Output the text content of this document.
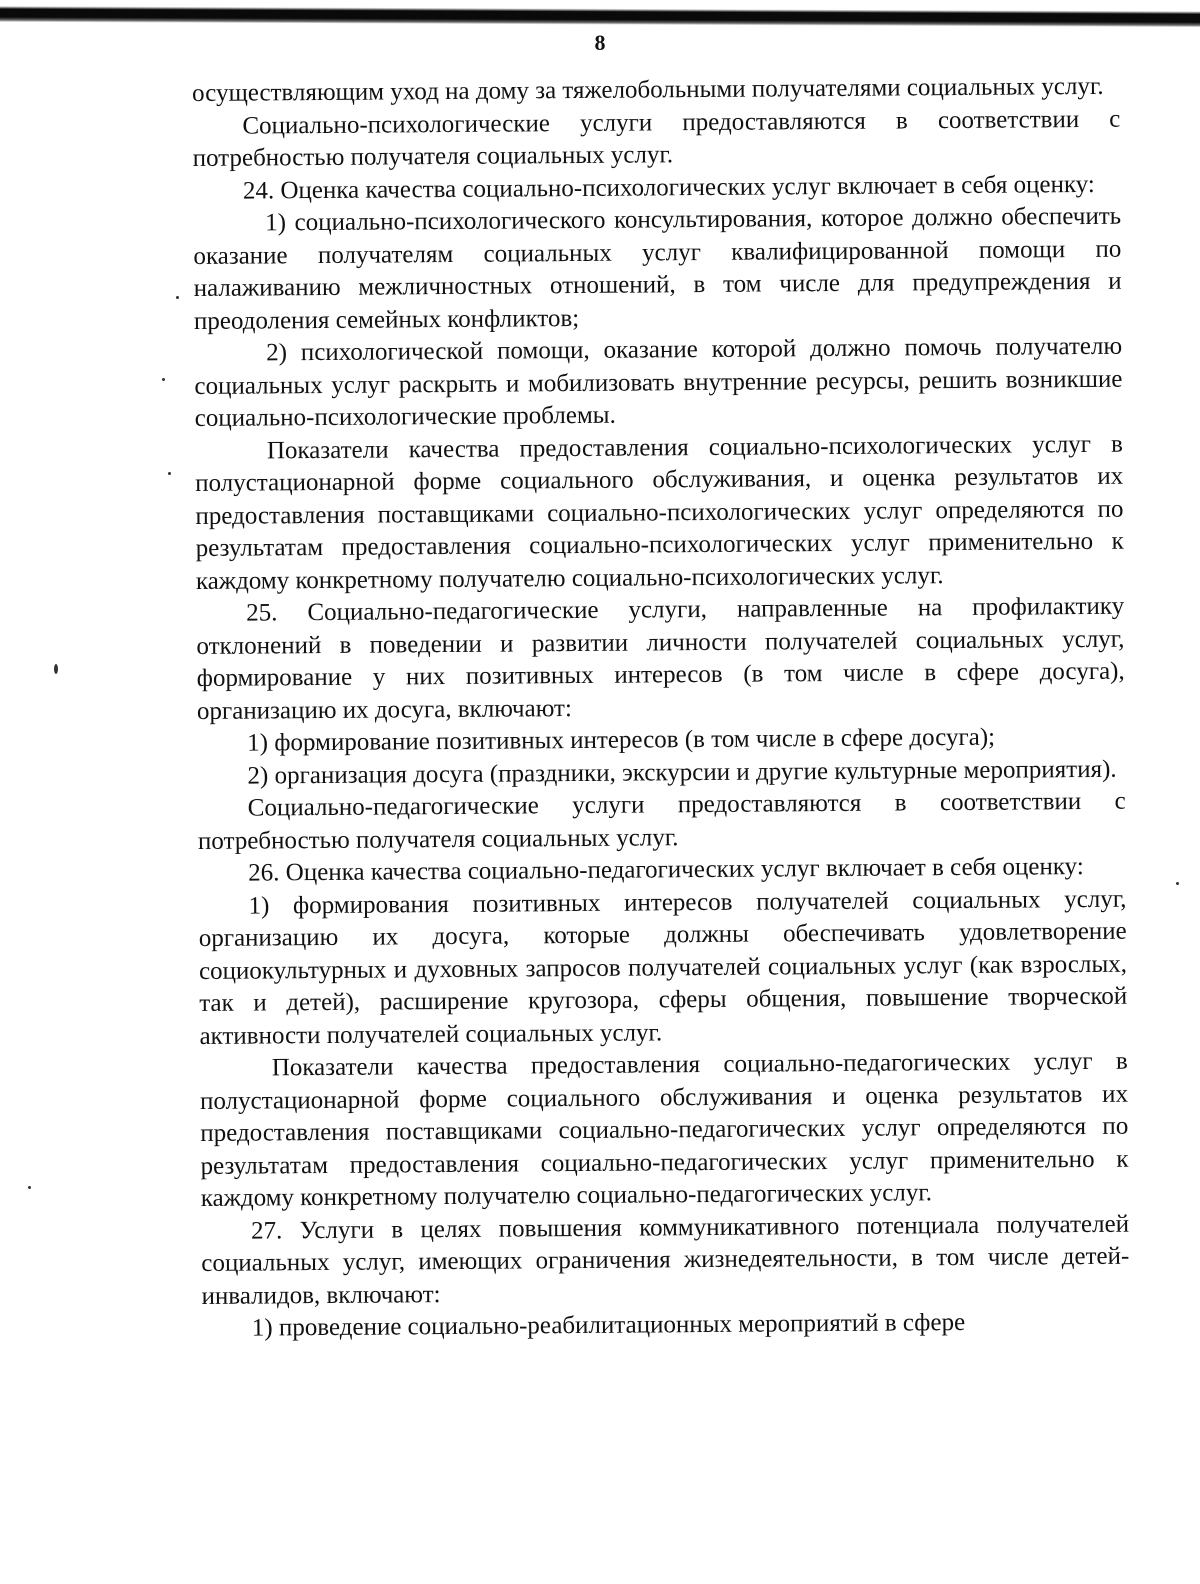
8

осуществляющим уход на дому за тяжелобольными получателями социальных услуг.

Социально-психологические услуги предоставляются в соответствии с потребностью получателя социальных услуг.

24. Оценка качества социально-психологических услуг включает в себя оценку:

1) социально-психологического консультирования, которое должно обеспечить оказание получателям социальных услуг квалифицированной помощи по налаживанию межличностных отношений, в том числе для предупреждения и преодоления семейных конфликтов;

2) психологической помощи, оказание которой должно помочь получателю социальных услуг раскрыть и мобилизовать внутренние ресурсы, решить возникшие социально-психологические проблемы.

Показатели качества предоставления социально-психологических услуг в полустационарной форме социального обслуживания, и оценка результатов их предоставления поставщиками социально-психологических услуг определяются по результатам предоставления социально-психологических услуг применительно к каждому конкретному получателю социально-психологических услуг.

25. Социально-педагогические услуги, направленные на профилактику отклонений в поведении и развитии личности получателей социальных услуг, формирование у них позитивных интересов (в том числе в сфере досуга), организацию их досуга, включают:

1) формирование позитивных интересов (в том числе в сфере досуга);

2) организация досуга (праздники, экскурсии и другие культурные мероприятия).

Социально-педагогические услуги предоставляются в соответствии с потребностью получателя социальных услуг.

26. Оценка качества социально-педагогических услуг включает в себя оценку:

1) формирования позитивных интересов получателей социальных услуг, организацию их досуга, которые должны обеспечивать удовлетворение социокультурных и духовных запросов получателей социальных услуг (как взрослых, так и детей), расширение кругозора, сферы общения, повышение творческой активности получателей социальных услуг.

Показатели качества предоставления социально-педагогических услуг в полустационарной форме социального обслуживания и оценка результатов их предоставления поставщиками социально-педагогических услуг определяются по результатам предоставления социально-педагогических услуг применительно к каждому конкретному получателю социально-педагогических услуг.

27. Услуги в целях повышения коммуникативного потенциала получателей социальных услуг, имеющих ограничения жизнедеятельности, в том числе детей-инвалидов, включают:

1) проведение социально-реабилитационных мероприятий в сфере
